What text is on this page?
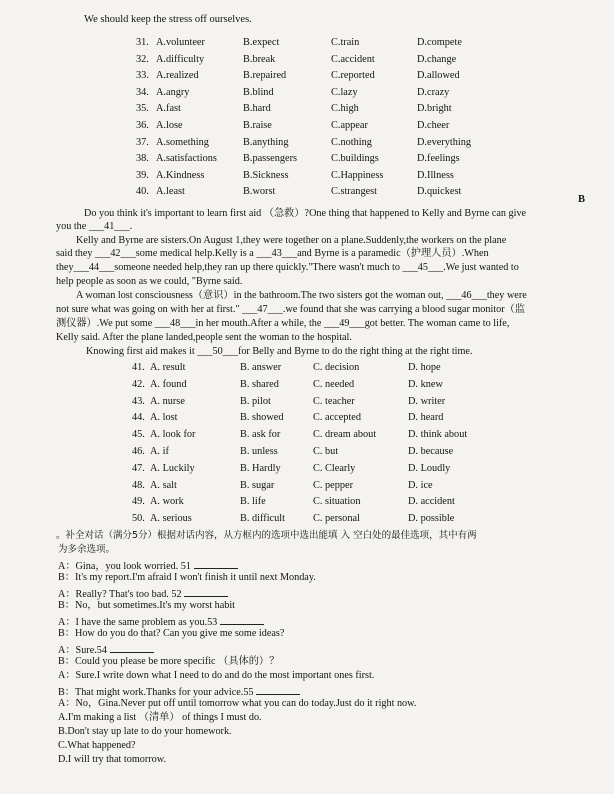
We should keep the stress off ourselves.
31. A.volunteer	B.expect	C.train	D.compete
32. A.difficulty	B.break	C.accident	D.change
33. A.realized	B.repaired	C.reported	D.allowed
34. A.angry	B.blind	C.lazy	D.crazy
35. A.fast	B.hard	C.high	D.bright
36. A.lose	B.raise	C.appear	D.cheer
37. A.something	B.anything	C.nothing	D.everything
38. A.satisfactions	B.passengers	C.buildings	D.feelings
39. A.Kindness	B.Sickness	C.Happiness	D.Illness
40. A.least	B.worst	C.strangest	D.quickest
B
Do you think it's important to learn first aid （急救）?One thing that happened to Kelly and Byrne can give
you the ___41___.
Kelly and Byrne are sisters.On August 1,they were together on a plane.Suddenly,the workers on the plane
said they ___42___some medical help.Kelly is a ___43___and Byrne is a paramedic（护理人员）.When
they___44___someone needed help,they ran up there quickly."There wasn't much to ___45___.We just wanted to
help people as soon as we could, "Byrne said.
A woman lost consciousness（意识）in the bathroom.The two sisters got the woman out, ___46___they were
not sure what was going on with her at first." ___47___.we found that she was carrying a blood sugar monitor（监
测仪器）.We put some ___48___in her mouth.After a while, the ___49___got better. The woman came to life,
Kelly said. After the plane landed,people sent the woman to the hospital.
Knowing first aid makes it ___50___for Belly and Byrne to do the right thing at the right time.
41. A. result	B. answer	C. decision	D. hope
42. A. found	B. shared	C. needed	D. knew
43. A. nurse	B. pilot	C. teacher	D. writer
44. A. lost	B. showed	C. accepted	D. heard
45. A. look for	B. ask for	C. dream about	D. think about
46. A. if	B. unless	C. but	D. because
47. A. Luckily	B. Hardly	C. Clearly	D. Loudly
48. A. salt	B. sugar	C. pepper	D. ice
49. A. work	B. life	C. situation	D. accident
50. A. serious	B. difficult	C. personal	D. possible
。补全对话（满分5分）根据对话内容，从方框内的选项中选出能填 入 空白处的最佳选项，其中有两
为多余选项。
A：Gina，you look worried. 51
B：It's my report.I'm afraid I won't finish it until next Monday.
A：Really? That's too bad. 52
B：No，but sometimes.It's my worst habit
A：I have the same problem as you.53
B：How do you do that? Can you give me some ideas?
A：Sure.54
B：Could you please be more specific （具体的）？
A：Sure.I write down what I need to do and do the most important ones first.
B：That might work.Thanks for your advice.55
A：No，Gina.Never put off until tomorrow what you can do today.Just do it right now.
A.I'm making a list （清单） of things I must do.
B.Don't stay up late to do your homework.
C.What happened?
D.I will try that tomorrow.
